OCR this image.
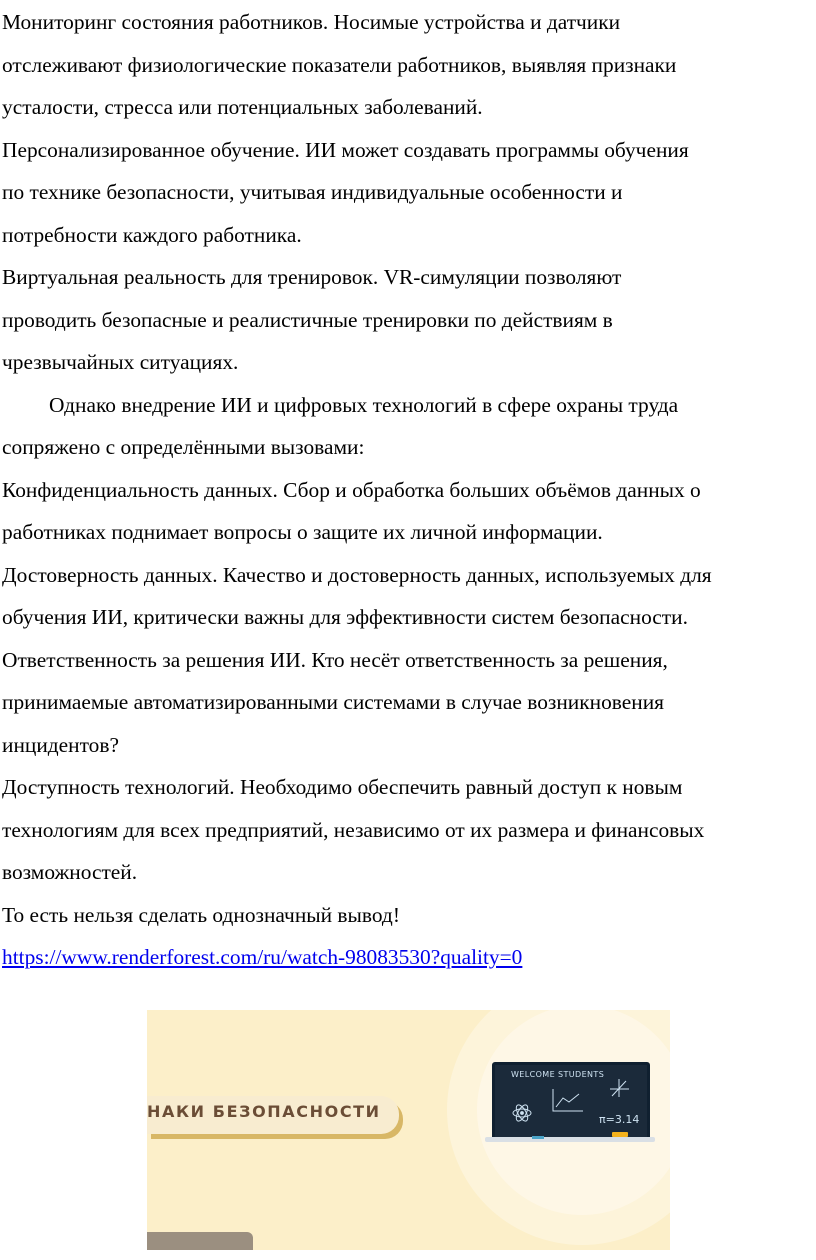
Мониторинг состояния работников. Носимые устройства и датчики
отслеживают физиологические показатели работников, выявляя признаки
усталости, стресса или потенциальных заболеваний.
Персонализированное обучение. ИИ может создавать программы обучения
по технике безопасности, учитывая индивидуальные особенности и
потребности каждого работника.
Виртуальная реальность для тренировок. VR-симуляции позволяют
проводить безопасные и реалистичные тренировки по действиям в
чрезвычайных ситуациях.
Однако внедрение ИИ и цифровых технологий в сфере охраны труда
сопряжено с определёнными вызовами:
Конфиденциальность данных. Сбор и обработка больших объёмов данных о
работниках поднимает вопросы о защите их личной информации.
Достоверность данных. Качество и достоверность данных, используемых для
обучения ИИ, критически важны для эффективности систем безопасности.
Ответственность за решения ИИ. Кто несёт ответственность за решения,
принимаемые автоматизированными системами в случае возникновения
инцидентов?
Доступность технологий. Необходимо обеспечить равный доступ к новым
технологиям для всех предприятий, независимо от их размера и финансовых
возможностей.
То есть нельзя сделать однозначный вывод!
https://www.renderforest.com/ru/watch-98083530?quality=0
НАКИ БЕЗОПАСНОСТИ
WELCOME STUDENTS
π=3.14
